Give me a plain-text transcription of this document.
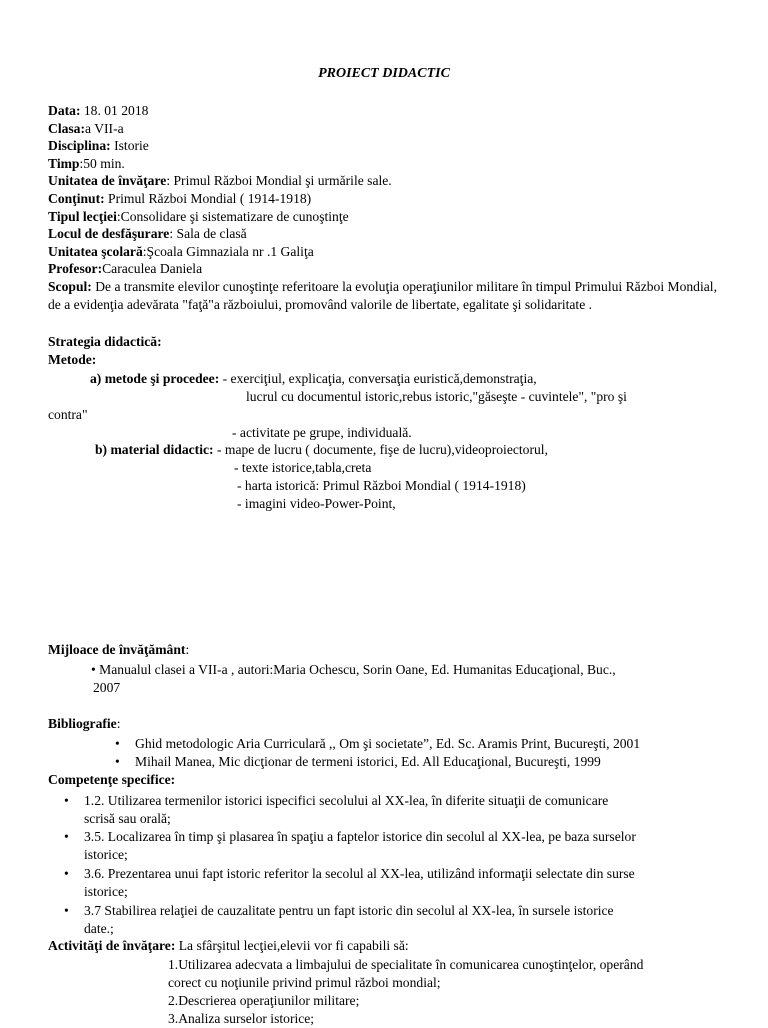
PROIECT DIDACTIC
Data: 18. 01 2018
Clasa:a VII-a
Disciplina: Istorie
Timp:50 min.
Unitatea de învăţare: Primul Război Mondial şi urmările sale.
Conţinut: Primul Război Mondial ( 1914-1918)
Tipul lecţiei:Consolidare şi sistematizare de cunoştinţe
Locul de desfăşurare: Sala de clasă
Unitatea şcolară:Şcoala Gimnaziala nr .1 Galiţa
Profesor:Caraculea Daniela
Scopul: De a transmite elevilor cunoştinţe referitoare la evoluţia operaţiunilor militare în timpul Primului Război Mondial, de a evidenţia adevărata "faţă"a războiului, promovând valorile de libertate, egalitate şi solidaritate .
Strategia didactică:
Metode:
a) metode şi procedee: - exerciţiul, explicaţia, conversaţia euristică,demonstraţia,
lucrul cu documentul istoric,rebus istoric,"găseşte - cuvintele", "pro şi
contra"
- activitate pe grupe, individuală.
b) material didactic: - mape de lucru ( documente, fişe de lucru),videoproiectorul,
- texte istorice,tabla,creta
- harta istorică: Primul Război Mondial ( 1914-1918)
- imagini video-Power-Point,
Mijloace de învăţământ:
• Manualul clasei a VII-a , autori:Maria Ochescu, Sorin Oane, Ed. Humanitas Educaţional, Buc.,
2007
Bibliografie:
• Ghid metodologic Aria Curriculară ,, Om şi societate”, Ed. Sc. Aramis Print, Bucureşti, 2001
• Mihail Manea, Mic dicţionar de termeni istorici, Ed. All Educaţional, Bucureşti, 1999
Competenţe specifice:
• 1.2. Utilizarea termenilor istorici ispecifici secolului al XX-lea, în diferite situaţii de comunicare
scrisă sau orală;
• 3.5. Localizarea în timp şi plasarea în spaţiu a faptelor istorice din secolul al XX-lea, pe baza surselor
istorice;
• 3.6. Prezentarea unui fapt istoric referitor la secolul al XX-lea, utilizând informaţii selectate din surse
istorice;
• 3.7 Stabilirea relaţiei de cauzalitate pentru un fapt istoric din secolul al XX-lea, în sursele istorice
date.;
Activităţi de învăţare: La sfârşitul lecţiei,elevii vor fi capabili să:
1.Utilizarea adecvata a limbajului de specialitate în comunicarea cunoştinţelor, operând
corect cu noţiunile privind primul război mondial;
2.Descrierea operaţiunilor militare;
3.Analiza surselor istorice;
